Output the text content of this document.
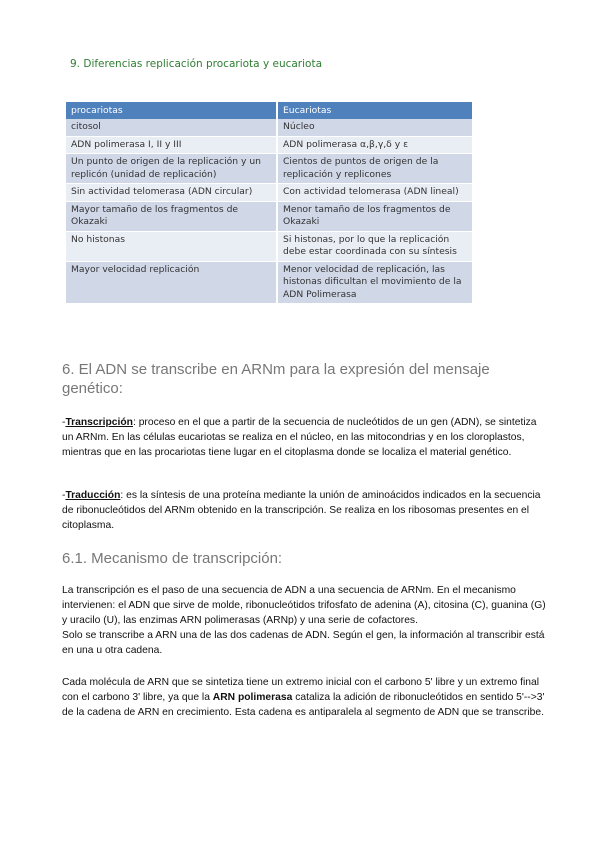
9. Diferencias replicación procariota y eucariota
procariotas	Eucariotas
citosol	Núcleo
ADN polimerasa I, II y III	ADN polimerasa α,β,γ,δ y ε
Un punto de origen de la replicación y un replicón (unidad de replicación)	Cientos de puntos de origen de la replicación y replicones
Sin actividad telomerasa (ADN circular)	Con actividad telomerasa (ADN lineal)
Mayor tamaño de los fragmentos de Okazaki	Menor tamaño de los fragmentos de Okazaki
No histonas	Si histonas, por lo que la replicación debe estar coordinada con su síntesis
Mayor velocidad replicación	Menor velocidad de replicación, las histonas dificultan el movimiento de la ADN Polimerasa
6. El ADN se transcribe en ARNm para la expresión del mensaje genético:
-Transcripción: proceso en el que a partir de la secuencia de nucleótidos de un gen (ADN), se sintetiza un ARNm. En las células eucariotas se realiza en el núcleo, en las mitocondrias y en los cloroplastos, mientras que en las procariotas tiene lugar en el citoplasma donde se localiza el material genético.
-Traducción: es la síntesis de una proteína mediante la unión de aminoácidos indicados en la secuencia de ribonucleótidos del ARNm obtenido en la transcripción. Se realiza en los ribosomas presentes en el citoplasma.
6.1. Mecanismo de transcripción:
La transcripción es el paso de una secuencia de ADN a una secuencia de ARNm. En el mecanismo intervienen: el ADN que sirve de molde, ribonucleótidos trifosfato de adenina (A), citosina (C), guanina (G) y uracilo (U), las enzimas ARN polimerasas (ARNp) y una serie de cofactores.
Solo se transcribe a ARN una de las dos cadenas de ADN. Según el gen, la información al transcribir está en una u otra cadena.
Cada molécula de ARN que se sintetiza tiene un extremo inicial con el carbono 5' libre y un extremo final con el carbono 3' libre, ya que la ARN polimerasa cataliza la adición de ribonucleótidos en sentido 5'-->3' de la cadena de ARN en crecimiento. Esta cadena es antiparalela al segmento de ADN que se transcribe.
